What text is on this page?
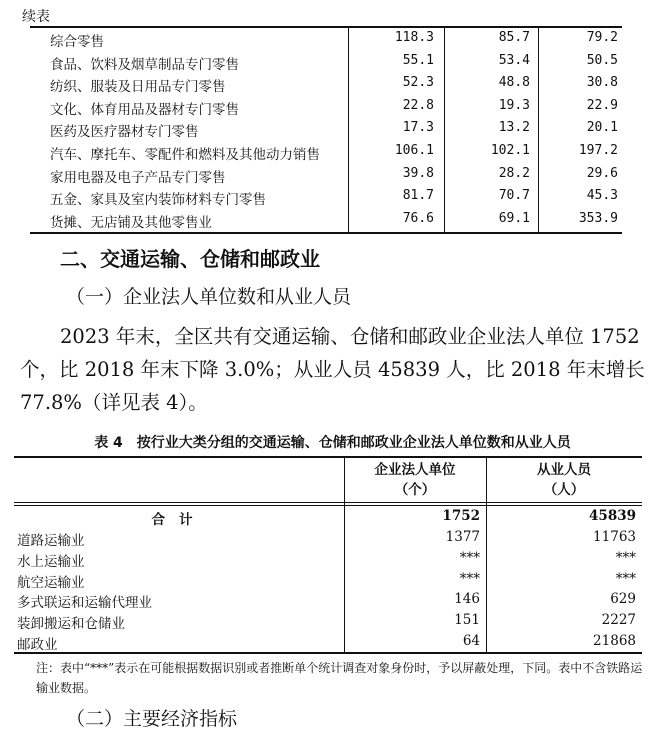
续表
综合零售	118.3	85.7	79.2
食品、饮料及烟草制品专门零售	55.1	53.4	50.5
纺织、服装及日用品专门零售	52.3	48.8	30.8
文化、体育用品及器材专门零售	22.8	19.3	22.9
医药及医疗器材专门零售	17.3	13.2	20.1
汽车、摩托车、零配件和燃料及其他动力销售	106.1	102.1	197.2
家用电器及电子产品专门零售	39.8	28.2	29.6
五金、家具及室内装饰材料专门零售	81.7	70.7	45.3
货摊、无店铺及其他零售业	76.6	69.1	353.9
二、交通运输、仓储和邮政业
（一）企业法人单位数和从业人员
2023 年末，全区共有交通运输、仓储和邮政业企业法人单位 1752 个，比 2018 年末下降 3.0%；从业人员 45839 人，比 2018 年末增长 77.8%（详见表 4）。
表 4　按行业大类分组的交通运输、仓储和邮政业企业法人单位数和从业人员
企业法人单位
（个）
从业人员
（人）
合计	1752	45839
道路运输业	1377	11763
水上运输业	***	***
航空运输业	***	***
多式联运和运输代理业	146	629
装卸搬运和仓储业	151	2227
邮政业	64	21868
注：表中“***”表示在可能根据数据识别或者推断单个统计调查对象身份时，予以屏蔽处理，下同。表中不含铁路运输业数据。
（二）主要经济指标
